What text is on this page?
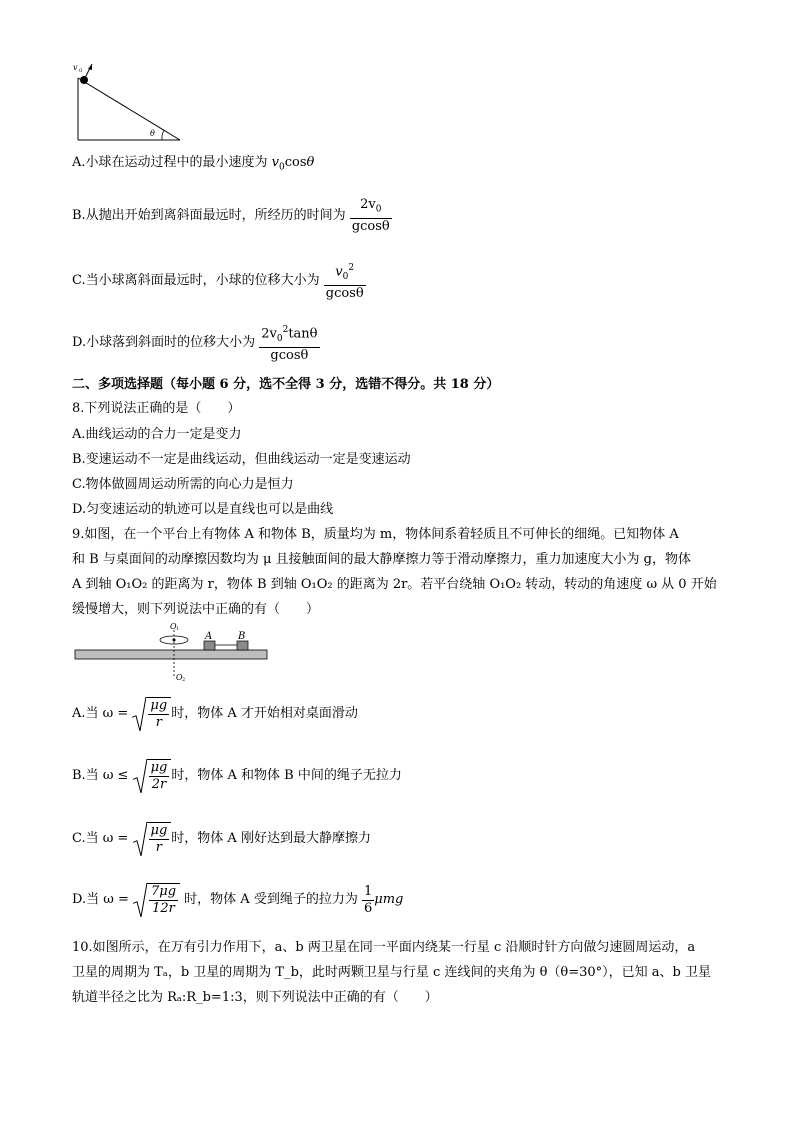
v 0
θ
A.小球在运动过程中的最小速度为 $v_0\cos\theta$
B.从抛出开始到离斜面最远时，所经历的时间为 $\frac{2v_0}{gcos\theta}$
C.当小球离斜面最远时，小球的位移大小为 $\frac{v_0^2}{gcos\theta}$
D.小球落到斜面时的位移大小为 $\frac{2v_0^2\tan\theta}{gcos\theta}$
二、多项选择题（每小题 6 分，选不全得 3 分，选错不得分。共 18 分）
8.下列说法正确的是（　　）
A.曲线运动的合力一定是变力
B.变速运动不一定是曲线运动，但曲线运动一定是变速运动
C.物体做圆周运动所需的向心力是恒力
D.匀变速运动的轨迹可以是直线也可以是曲线
9.如图，在一个平台上有物体 A 和物体 B，质量均为 m，物体间系着轻质且不可伸长的细绳。已知物体 A
和 B 与桌面间的动摩擦因数均为 μ 且接触面间的最大静摩擦力等于滑动摩擦力，重力加速度大小为 g，物体
A 到轴 O₁O₂ 的距离为 r，物体 B 到轴 O₁O₂ 的距离为 2r。若平台绕轴 O₁O₂ 转动，转动的角速度 ω 从 0 开始
缓慢增大，则下列说法中正确的有（　　）
O 1
O 2
A	B
A.当 $\omega = \frac{\mu g}{r}$ 时，物体 A 才开始相对桌面滑动
B.当 $\omega \le \frac{\mu g}{2r}$ 时，物体 A 和物体 B 中间的绳子无拉力
C.当 $\omega = \frac{\mu g}{r}$ 时，物体 A 刚好达到最大静摩擦力
D.当 $\omega = \frac{7\mu g}{12r}$ 时，物体 A 受到绳子的拉力为 $\frac{1}{6}$ μmg
10.如图所示，在万有引力作用下，a、b 两卫星在同一平面内绕某一行星 c 沿顺时针方向做匀速圆周运动，a
卫星的周期为 Tₐ，b 卫星的周期为 T_b，此时两颗卫星与行星 c 连线间的夹角为 θ（θ=30°），已知 a、b 卫星
轨道半径之比为 Rₐ:R_b=1:3，则下列说法中正确的有（　　）
